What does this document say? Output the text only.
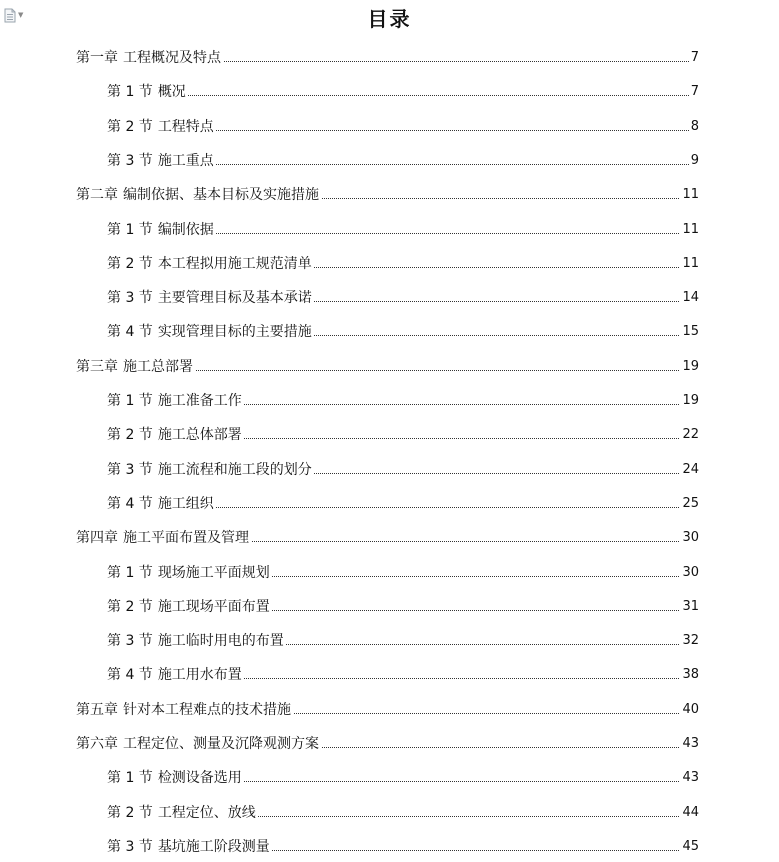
▼	目录
第一章 工程概况及特点	7
第 1 节 概况	7
第 2 节 工程特点	8
第 3 节 施工重点	9
第二章 编制依据、基本目标及实施措施	11
第 1 节 编制依据	11
第 2 节 本工程拟用施工规范清单	11
第 3 节 主要管理目标及基本承诺	14
第 4 节 实现管理目标的主要措施	15
第三章 施工总部署	19
第 1 节 施工准备工作	19
第 2 节 施工总体部署	22
第 3 节 施工流程和施工段的划分	24
第 4 节 施工组织	25
第四章 施工平面布置及管理	30
第 1 节 现场施工平面规划	30
第 2 节 施工现场平面布置	31
第 3 节 施工临时用电的布置	32
第 4 节 施工用水布置	38
第五章 针对本工程难点的技术措施	40
第六章 工程定位、测量及沉降观测方案	43
第 1 节 检测设备选用	43
第 2 节 工程定位、放线	44
第 3 节 基坑施工阶段测量	45
